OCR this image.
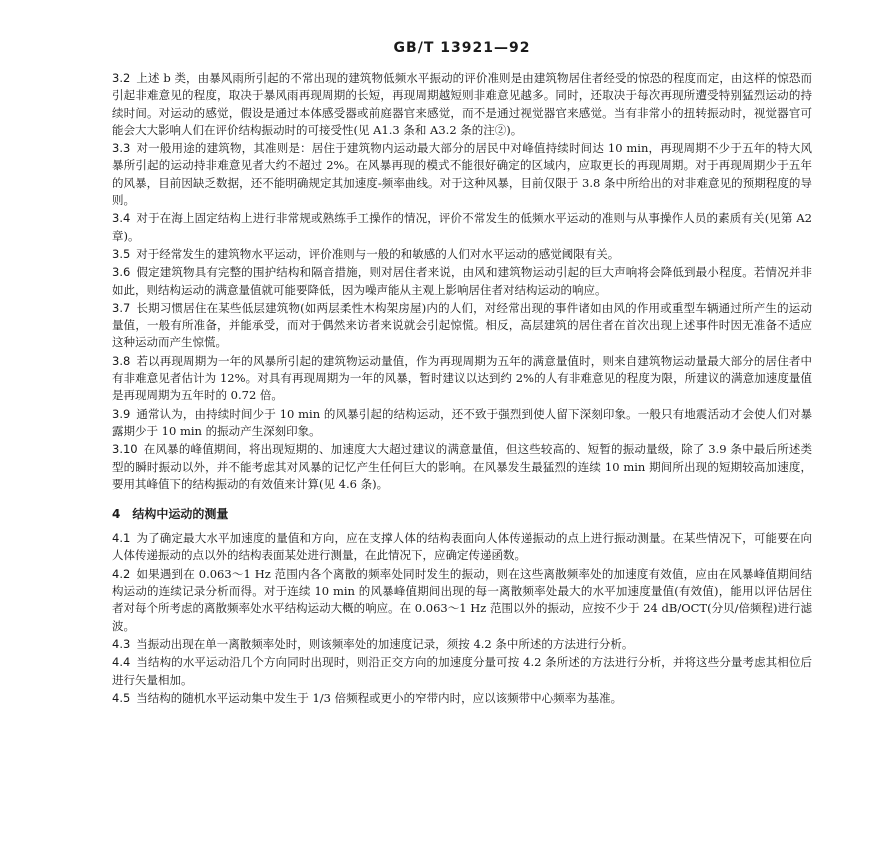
GB/T 13921—92

3.2 上述 b 类，由暴风雨所引起的不常出现的建筑物低频水平振动的评价准则是由建筑物居住者经受的惊恐的程度而定，由这样的惊恐而引起非难意见的程度，取决于暴风雨再现周期的长短，再现周期越短则非难意见越多。同时，还取决于每次再现所遭受特别猛烈运动的持续时间。对运动的感觉，假设是通过本体感受器或前庭器官来感觉，而不是通过视觉器官来感觉。当有非常小的扭转振动时，视觉器官可能会大大影响人们在评价结构振动时的可接受性(见 A1.3 条和 A3.2 条的注②)。

3.3 对一般用途的建筑物，其准则是：居住于建筑物内运动最大部分的居民中对峰值持续时间达 10 min，再现周期不少于五年的特大风暴所引起的运动持非难意见者大约不超过 2%。在风暴再现的模式不能很好确定的区域内，应取更长的再现周期。对于再现周期少于五年的风暴，目前因缺乏数据，还不能明确规定其加速度-频率曲线。对于这种风暴，目前仅限于 3.8 条中所给出的对非难意见的预期程度的导则。

3.4 对于在海上固定结构上进行非常规或熟练手工操作的情况，评价不常发生的低频水平运动的准则与从事操作人员的素质有关(见第 A2 章)。

3.5 对于经常发生的建筑物水平运动，评价准则与一般的和敏感的人们对水平运动的感觉阈限有关。

3.6 假定建筑物具有完整的围护结构和隔音措施，则对居住者来说，由风和建筑物运动引起的巨大声响将会降低到最小程度。若情况并非如此，则结构运动的满意量值就可能要降低，因为噪声能从主观上影响居住者对结构运动的响应。

3.7 长期习惯居住在某些低层建筑物(如两层柔性木构架房屋)内的人们，对经常出现的事件诸如由风的作用或重型车辆通过所产生的运动量值，一般有所准备，并能承受，而对于偶然来访者来说就会引起惊慌。相反，高层建筑的居住者在首次出现上述事件时因无准备不适应这种运动而产生惊慌。

3.8 若以再现周期为一年的风暴所引起的建筑物运动量值，作为再现周期为五年的满意量值时，则来自建筑物运动量最大部分的居住者中有非难意见者估计为 12%。对具有再现周期为一年的风暴，暂时建议以达到约 2%的人有非难意见的程度为限，所建议的满意加速度量值是再现周期为五年时的 0.72 倍。

3.9 通常认为，由持续时间少于 10 min 的风暴引起的结构运动，还不致于强烈到使人留下深刻印象。一般只有地震活动才会使人们对暴露期少于 10 min 的振动产生深刻印象。

3.10 在风暴的峰值期间，将出现短期的、加速度大大超过建议的满意量值，但这些较高的、短暂的振动量级，除了 3.9 条中最后所述类型的瞬时振动以外，并不能考虑其对风暴的记忆产生任何巨大的影响。在风暴发生最猛烈的连续 10 min 期间所出现的短期较高加速度，要用其峰值下的结构振动的有效值来计算(见 4.6 条)。

4 结构中运动的测量

4.1 为了确定最大水平加速度的量值和方向，应在支撑人体的结构表面向人体传递振动的点上进行振动测量。在某些情况下，可能要在向人体传递振动的点以外的结构表面某处进行测量，在此情况下，应确定传递函数。

4.2 如果遇到在 0.063～1 Hz 范围内各个离散的频率处同时发生的振动，则在这些离散频率处的加速度有效值，应由在风暴峰值期间结构运动的连续记录分析而得。对于连续 10 min 的风暴峰值期间出现的每一离散频率处最大的水平加速度量值(有效值)，能用以评估居住者对每个所考虑的离散频率处水平结构运动大概的响应。在 0.063～1 Hz 范围以外的振动，应按不少于 24 dB/OCT(分贝/倍频程)进行滤波。

4.3 当振动出现在单一离散频率处时，则该频率处的加速度记录，须按 4.2 条中所述的方法进行分析。

4.4 当结构的水平运动沿几个方向同时出现时，则沿正交方向的加速度分量可按 4.2 条所述的方法进行分析，并将这些分量考虑其相位后进行矢量相加。

4.5 当结构的随机水平运动集中发生于 1/3 倍频程或更小的窄带内时，应以该频带中心频率为基准。
